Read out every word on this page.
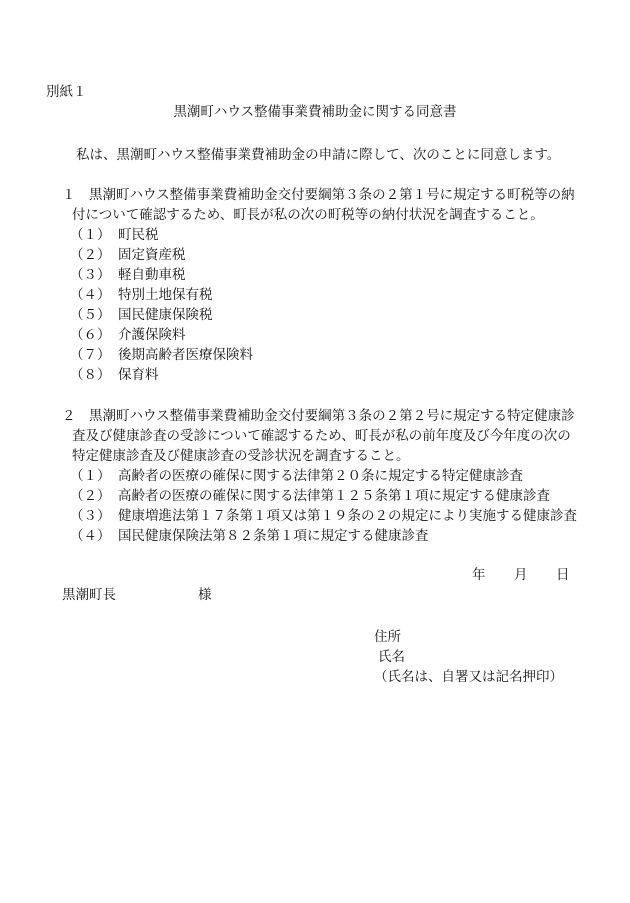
別紙１
黒潮町ハウス整備事業費補助金に関する同意書
私は、黒潮町ハウス整備事業費補助金の申請に際して、次のことに同意します。
１　黒潮町ハウス整備事業費補助金交付要綱第３条の２第１号に規定する町税等の納
付について確認するため、町長が私の次の町税等の納付状況を調査すること。
（１） 町民税
（２） 固定資産税
（３） 軽自動車税
（４） 特別土地保有税
（５） 国民健康保険税
（６） 介護保険料
（７） 後期高齢者医療保険料
（８） 保育料
２　黒潮町ハウス整備事業費補助金交付要綱第３条の２第２号に規定する特定健康診
査及び健康診査の受診について確認するため、町長が私の前年度及び今年度の次の
特定健康診査及び健康診査の受診状況を調査すること。
（１） 高齢者の医療の確保に関する法律第２０条に規定する特定健康診査
（２） 高齢者の医療の確保に関する法律第１２５条第１項に規定する健康診査
（３） 健康増進法第１７条第１項又は第１９条の２の規定により実施する健康診査
（４） 国民健康保険法第８２条第１項に規定する健康診査
年 月 日
黒潮町長	様
住所
氏名
（氏名は、自署又は記名押印）
